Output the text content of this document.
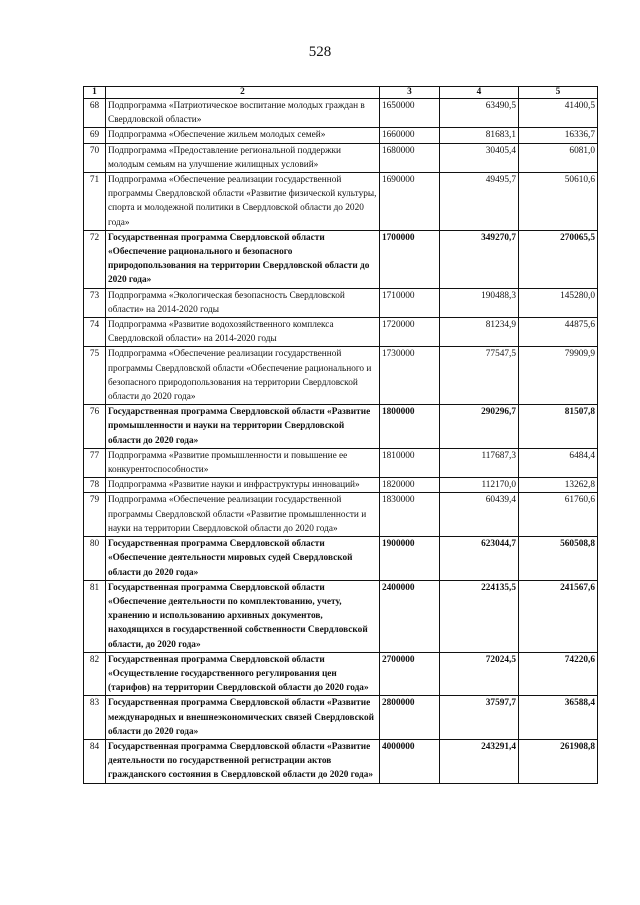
528
1	2	3	4	5
68	Подпрограмма «Патриотическое воспитание молодых граждан в Свердловской области»	1650000	63490,5	41400,5
69	Подпрограмма «Обеспечение жильем молодых семей»	1660000	81683,1	16336,7
70	Подпрограмма «Предоставление региональной поддержки молодым семьям на улучшение жилищных условий»	1680000	30405,4	6081,0
71	Подпрограмма «Обеспечение реализации государственной программы Свердловской области «Развитие физической культуры, спорта и молодежной политики в Свердловской области до 2020 года»	1690000	49495,7	50610,6
72	Государственная программа Свердловской области «Обеспечение рационального и безопасного природопользования на территории Свердловской области до 2020 года»	1700000	349270,7	270065,5
73	Подпрограмма «Экологическая безопасность Свердловской области» на 2014-2020 годы	1710000	190488,3	145280,0
74	Подпрограмма «Развитие водохозяйственного комплекса Свердловской области» на 2014-2020 годы	1720000	81234,9	44875,6
75	Подпрограмма «Обеспечение реализации государственной программы Свердловской области «Обеспечение рационального и безопасного природопользования на территории Свердловской области до 2020 года»	1730000	77547,5	79909,9
76	Государственная программа Свердловской области «Развитие промышленности и науки на территории Свердловской области до 2020 года»	1800000	290296,7	81507,8
77	Подпрограмма «Развитие промышленности и повышение ее конкурентоспособности»	1810000	117687,3	6484,4
78	Подпрограмма «Развитие науки и инфраструктуры инноваций»	1820000	112170,0	13262,8
79	Подпрограмма «Обеспечение реализации государственной программы Свердловской области «Развитие промышленности и науки на территории Свердловской области до 2020 года»	1830000	60439,4	61760,6
80	Государственная программа Свердловской области «Обеспечение деятельности мировых судей Свердловской области до 2020 года»	1900000	623044,7	560508,8
81	Государственная программа Свердловской области «Обеспечение деятельности по комплектованию, учету, хранению и использованию архивных документов, находящихся в государственной собственности Свердловской области, до 2020 года»	2400000	224135,5	241567,6
82	Государственная программа Свердловской области «Осуществление государственного регулирования цен (тарифов) на территории Свердловской области до 2020 года»	2700000	72024,5	74220,6
83	Государственная программа Свердловской области «Развитие международных и внешнеэкономических связей Свердловской области до 2020 года»	2800000	37597,7	36588,4
84	Государственная программа Свердловской области «Развитие деятельности по государственной регистрации актов гражданского состояния в Свердловской области до 2020 года»	4000000	243291,4	261908,8
